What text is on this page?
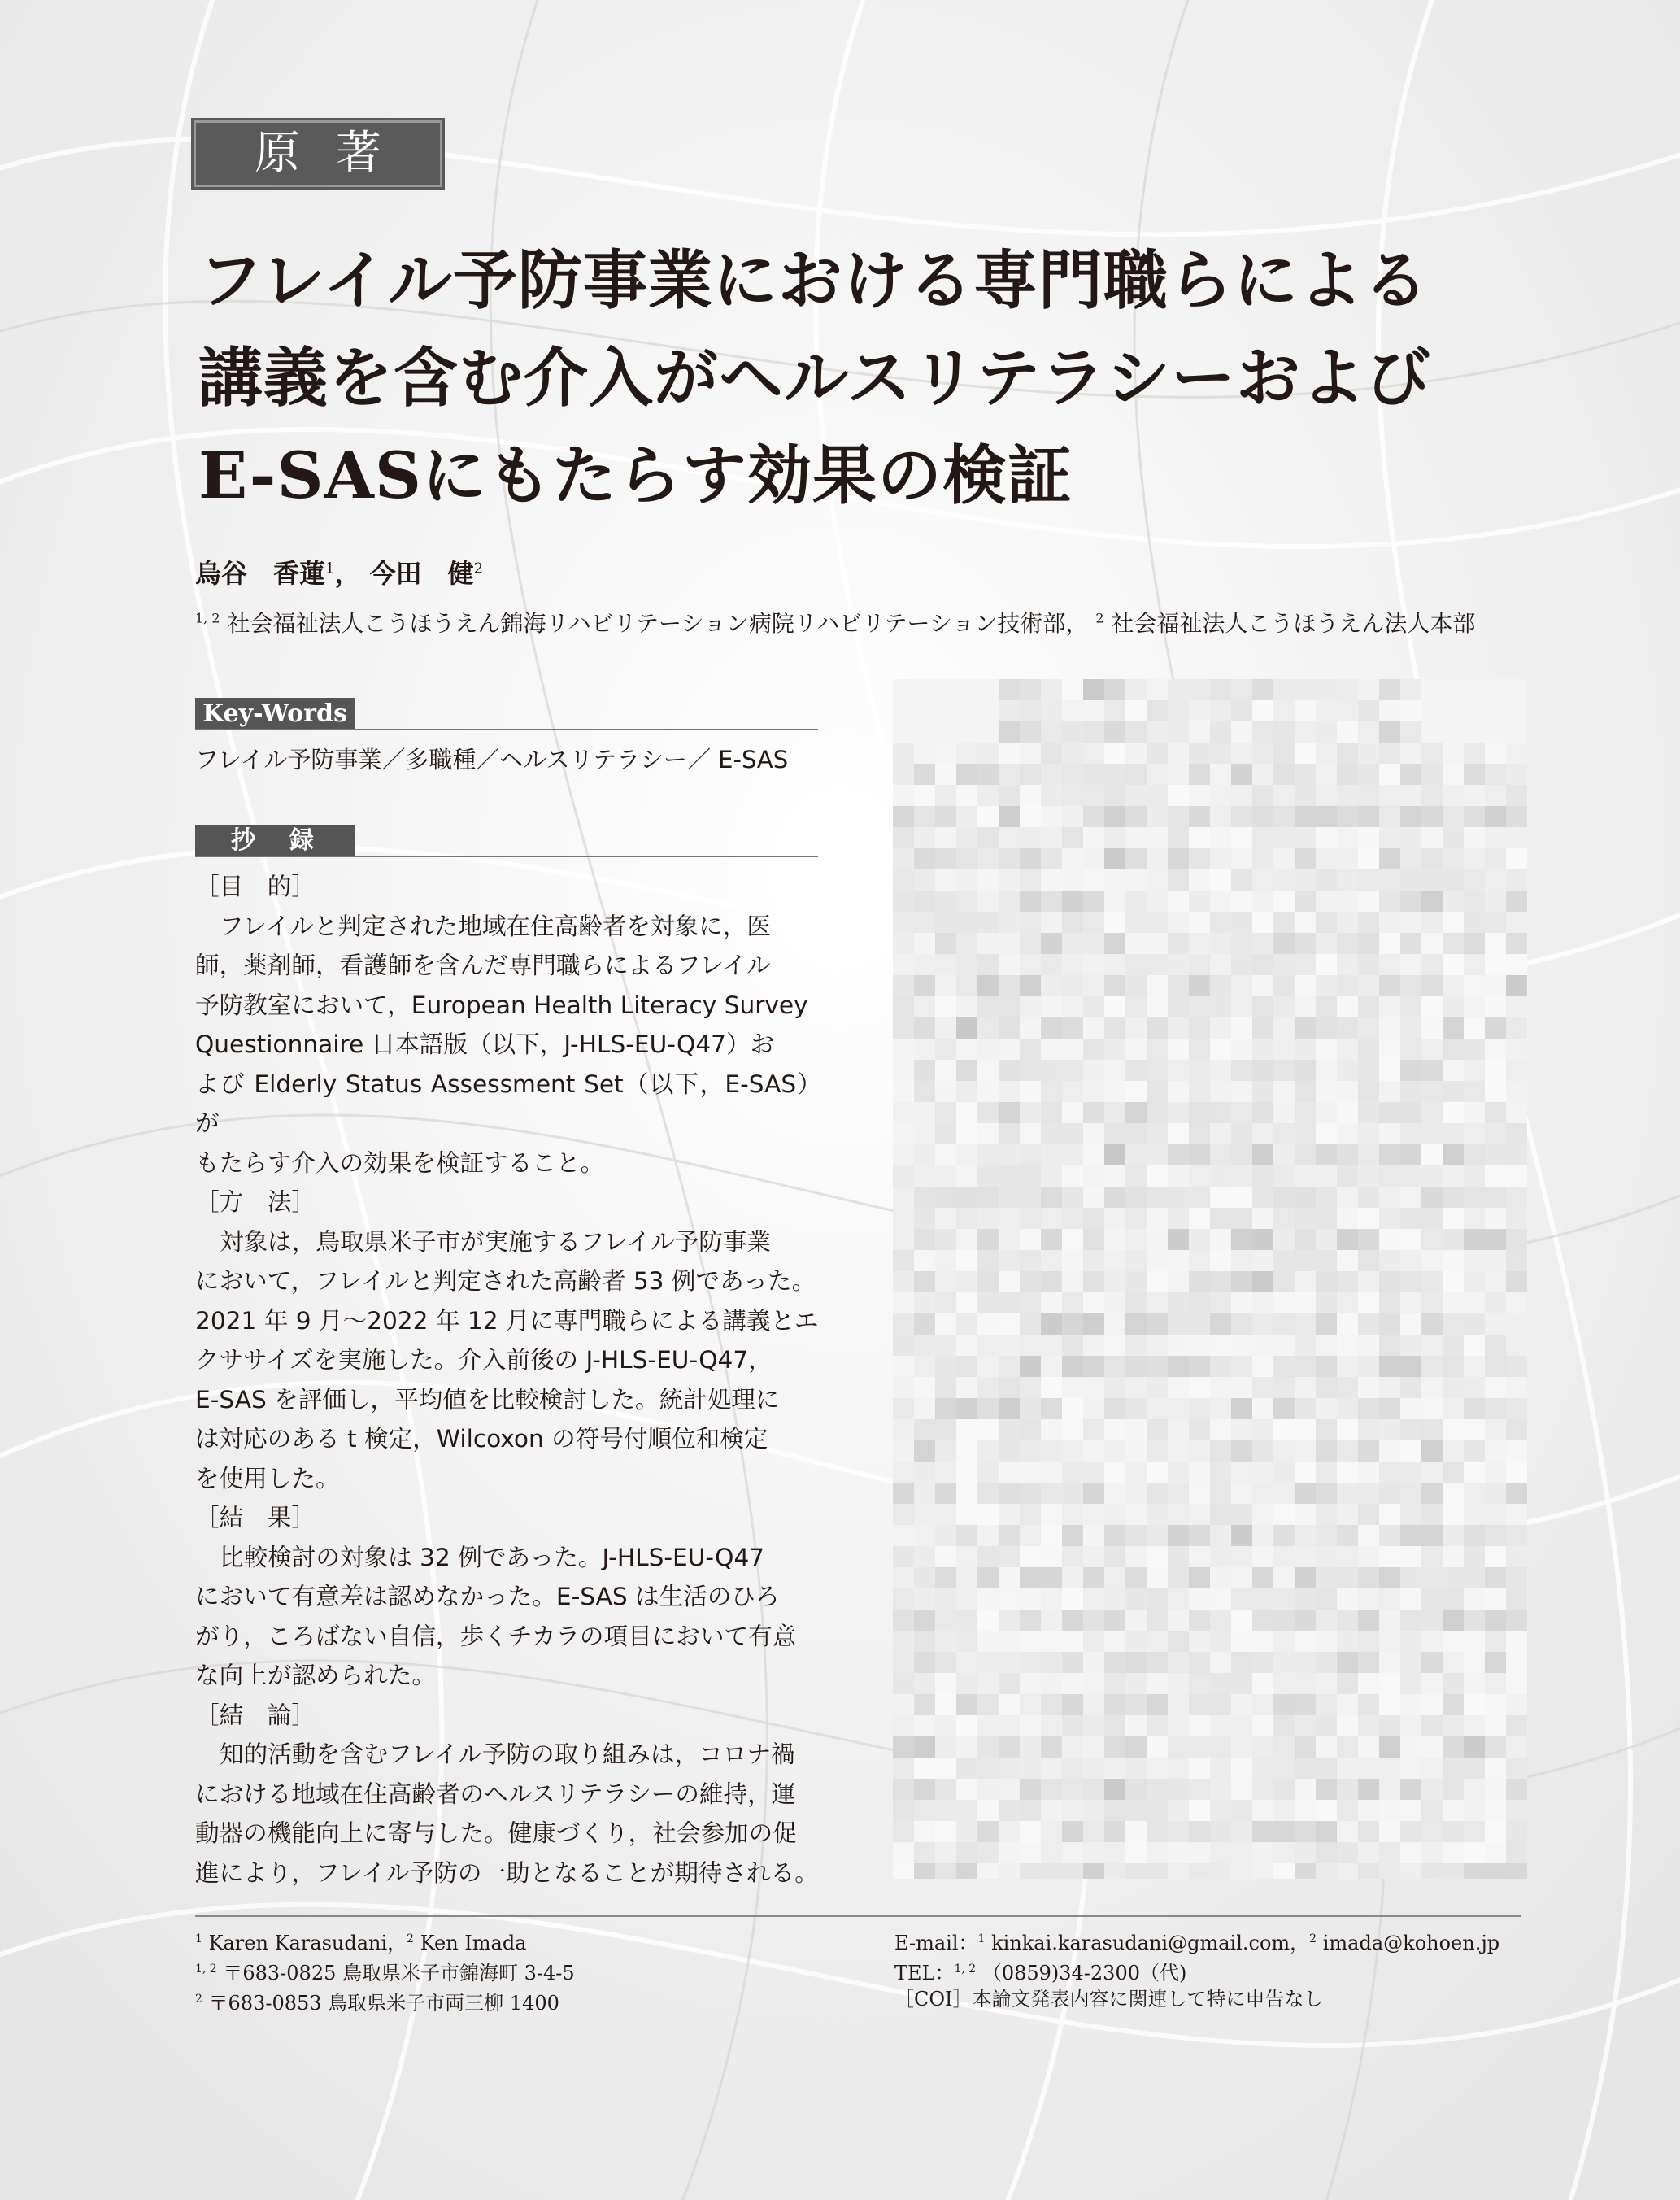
原著
フレイル予防事業における専門職らによる
講義を含む介入がヘルスリテラシーおよび
E-SASにもたらす効果の検証
烏谷　香蓮$^1$， 今田　健$^2$
$^{1, 2}$ 社会福祉法人こうほうえん錦海リハビリテーション病院リハビリテーション技術部， $^2$ 社会福祉法人こうほうえん法人本部
Key-Words
フレイル予防事業／多職種／ヘルスリテラシー／ E-SAS
抄　録
［目　的］
フレイルと判定された地域在住高齢者を対象に，医
師，薬剤師，看護師を含んだ専門職らによるフレイル
予防教室において，European Health Literacy Survey
Questionnaire 日本語版（以下，J-HLS-EU-Q47）お
よび Elderly Status Assessment Set（以下，E-SAS）が
もたらす介入の効果を検証すること。
［方　法］
対象は，鳥取県米子市が実施するフレイル予防事業
において，フレイルと判定された高齢者 53 例であった。
2021 年 9 月〜2022 年 12 月に専門職らによる講義とエ
クササイズを実施した。介入前後の J-HLS-EU-Q47，
E-SAS を評価し，平均値を比較検討した。統計処理に
は対応のある t 検定，Wilcoxon の符号付順位和検定
を使用した。
［結　果］
比較検討の対象は 32 例であった。J-HLS-EU-Q47
において有意差は認めなかった。E-SAS は生活のひろ
がり，ころばない自信，歩くチカラの項目において有意
な向上が認められた。
［結　論］
知的活動を含むフレイル予防の取り組みは，コロナ禍
における地域在住高齢者のヘルスリテラシーの維持，運
動器の機能向上に寄与した。健康づくり，社会参加の促
進により，フレイル予防の一助となることが期待される。
$^1$ Karen Karasudani，$^2$ Ken Imada
$^{1, 2}$ 〒683-0825 鳥取県米子市錦海町 3-4-5
$^2$ 〒683-0853 鳥取県米子市両三柳 1400
E-mail：$^1$ kinkai.karasudani@gmail.com，$^2$ imada@kohoen.jp
TEL：$^{1, 2}$ （0859)34-2300（代)
［COI］本論文発表内容に関連して特に申告なし
